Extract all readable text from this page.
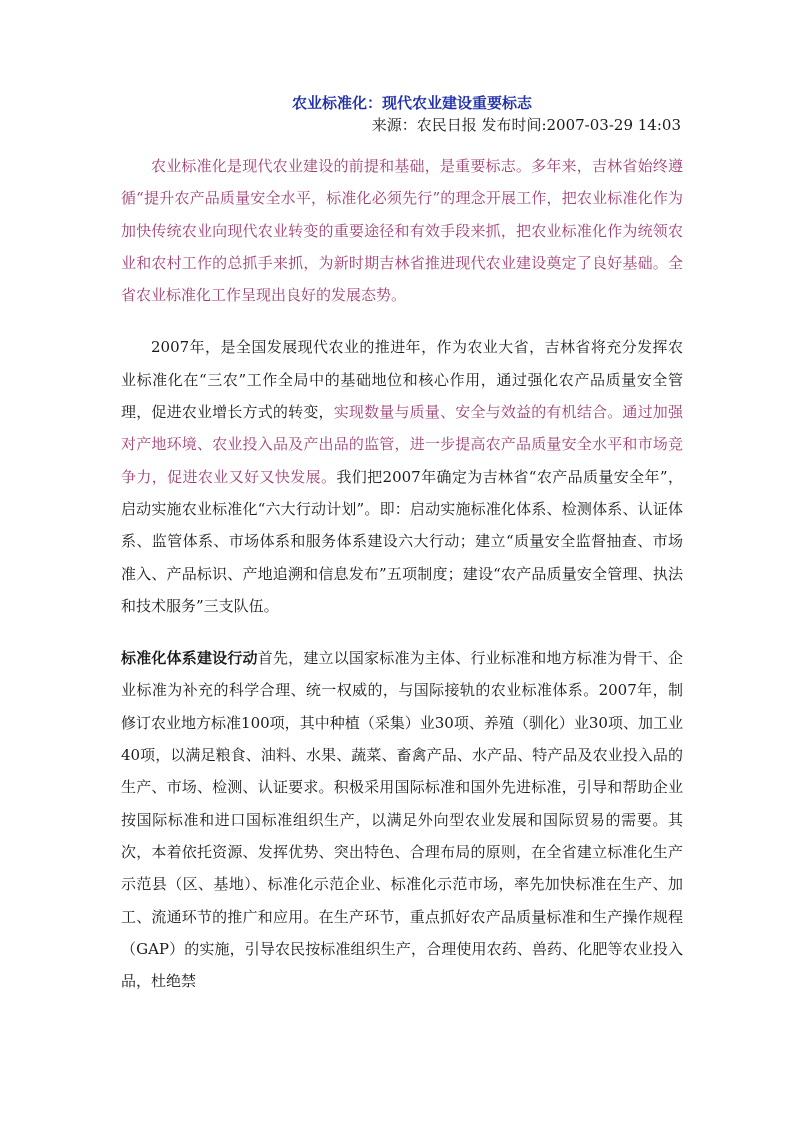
农业标准化：现代农业建设重要标志

来源：农民日报 发布时间:2007-03-29 14:03

农业标准化是现代农业建设的前提和基础，是重要标志。多年来，吉林省始终遵循“提升农产品质量安全水平，标准化必须先行”的理念开展工作，把农业标准化作为加快传统农业向现代农业转变的重要途径和有效手段来抓，把农业标准化作为统领农业和农村工作的总抓手来抓，为新时期吉林省推进现代农业建设奠定了良好基础。全省农业标准化工作呈现出良好的发展态势。

2007年，是全国发展现代农业的推进年，作为农业大省，吉林省将充分发挥农业标准化在“三农”工作全局中的基础地位和核心作用，通过强化农产品质量安全管理，促进农业增长方式的转变，实现数量与质量、安全与效益的有机结合。通过加强对产地环境、农业投入品及产出品的监管，进一步提高农产品质量安全水平和市场竞争力，促进农业又好又快发展。我们把2007年确定为吉林省“农产品质量安全年”，启动实施农业标准化“六大行动计划”。即：启动实施标准化体系、检测体系、认证体系、监管体系、市场体系和服务体系建设六大行动；建立“质量安全监督抽查、市场准入、产品标识、产地追溯和信息发布”五项制度；建设“农产品质量安全管理、执法和技术服务”三支队伍。

标准化体系建设行动首先，建立以国家标准为主体、行业标准和地方标准为骨干、企业标准为补充的科学合理、统一权威的，与国际接轨的农业标准体系。2007年，制修订农业地方标准100项，其中种植（采集）业30项、养殖（驯化）业30项、加工业40项，以满足粮食、油料、水果、蔬菜、畜禽产品、水产品、特产品及农业投入品的生产、市场、检测、认证要求。积极采用国际标准和国外先进标准，引导和帮助企业按国际标准和进口国标准组织生产，以满足外向型农业发展和国际贸易的需要。其次，本着依托资源、发挥优势、突出特色、合理布局的原则，在全省建立标准化生产示范县（区、基地）、标准化示范企业、标准化示范市场，率先加快标准在生产、加工、流通环节的推广和应用。在生产环节，重点抓好农产品质量标准和生产操作规程（GAP）的实施，引导农民按标准组织生产，合理使用农药、兽药、化肥等农业投入品，杜绝禁
